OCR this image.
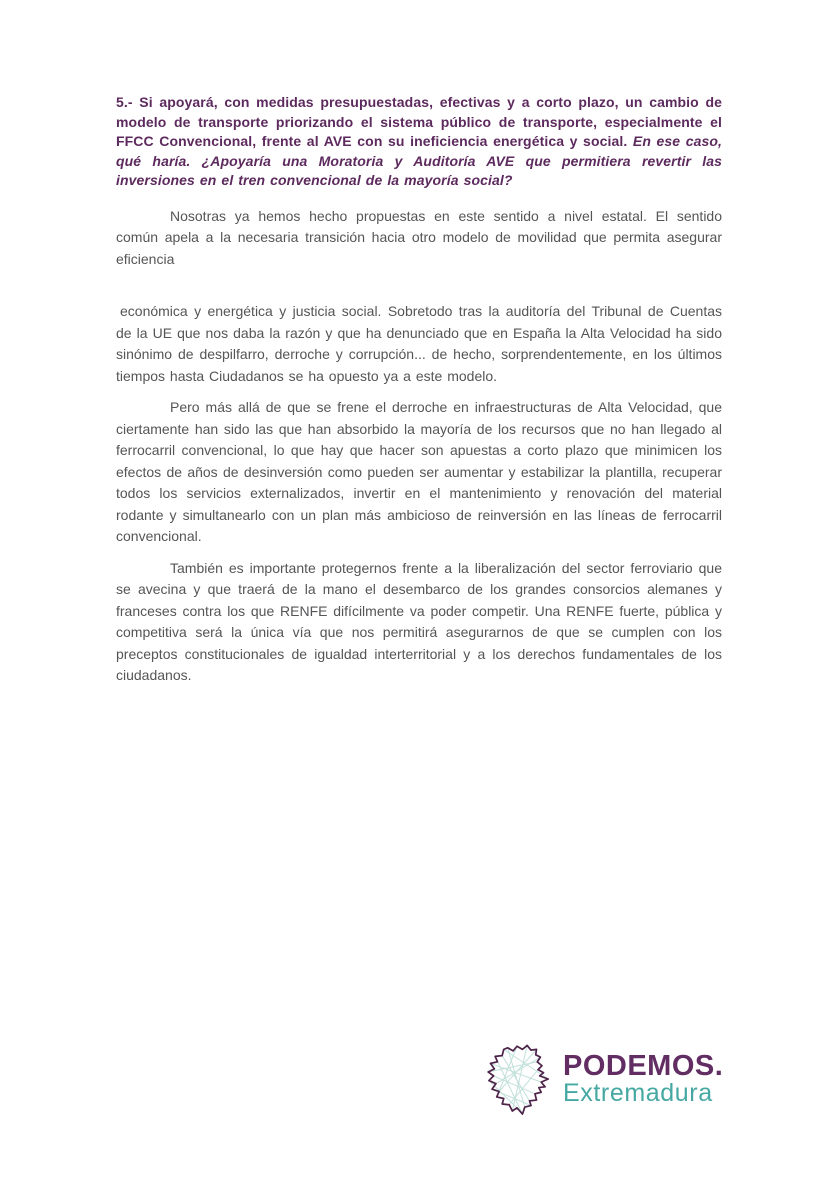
5.- Si apoyará, con medidas presupuestadas, efectivas y a corto plazo, un cambio de modelo de transporte priorizando el sistema público de transporte, especialmente el FFCC Convencional, frente al AVE con su ineficiencia energética y social. En ese caso, qué haría. ¿Apoyaría una Moratoria y Auditoría AVE que permitiera revertir las inversiones en el tren convencional de la mayoría social?

Nosotras ya hemos hecho propuestas en este sentido a nivel estatal. El sentido común apela a la necesaria transición hacia otro modelo de movilidad que permita asegurar eficiencia

económica y energética y justicia social. Sobretodo tras la auditoría del Tribunal de Cuentas de la UE que nos daba la razón y que ha denunciado que en España la Alta Velocidad ha sido sinónimo de despilfarro, derroche y corrupción... de hecho, sorprendentemente, en los últimos tiempos hasta Ciudadanos se ha opuesto ya a este modelo.

Pero más allá de que se frene el derroche en infraestructuras de Alta Velocidad, que ciertamente han sido las que han absorbido la mayoría de los recursos que no han llegado al ferrocarril convencional, lo que hay que hacer son apuestas a corto plazo que minimicen los efectos de años de desinversión como pueden ser aumentar y estabilizar la plantilla, recuperar todos los servicios externalizados, invertir en el mantenimiento y renovación del material rodante y simultanearlo con un plan más ambicioso de reinversión en las líneas de ferrocarril convencional.

También es importante protegernos frente a la liberalización del sector ferroviario que se avecina y que traerá de la mano el desembarco de los grandes consorcios alemanes y franceses contra los que RENFE difícilmente va poder competir. Una RENFE fuerte, pública y competitiva será la única vía que nos permitirá asegurarnos de que se cumplen con los preceptos constitucionales de igualdad interterritorial y a los derechos fundamentales de los ciudadanos.

PODEMOS.
Extremadura
